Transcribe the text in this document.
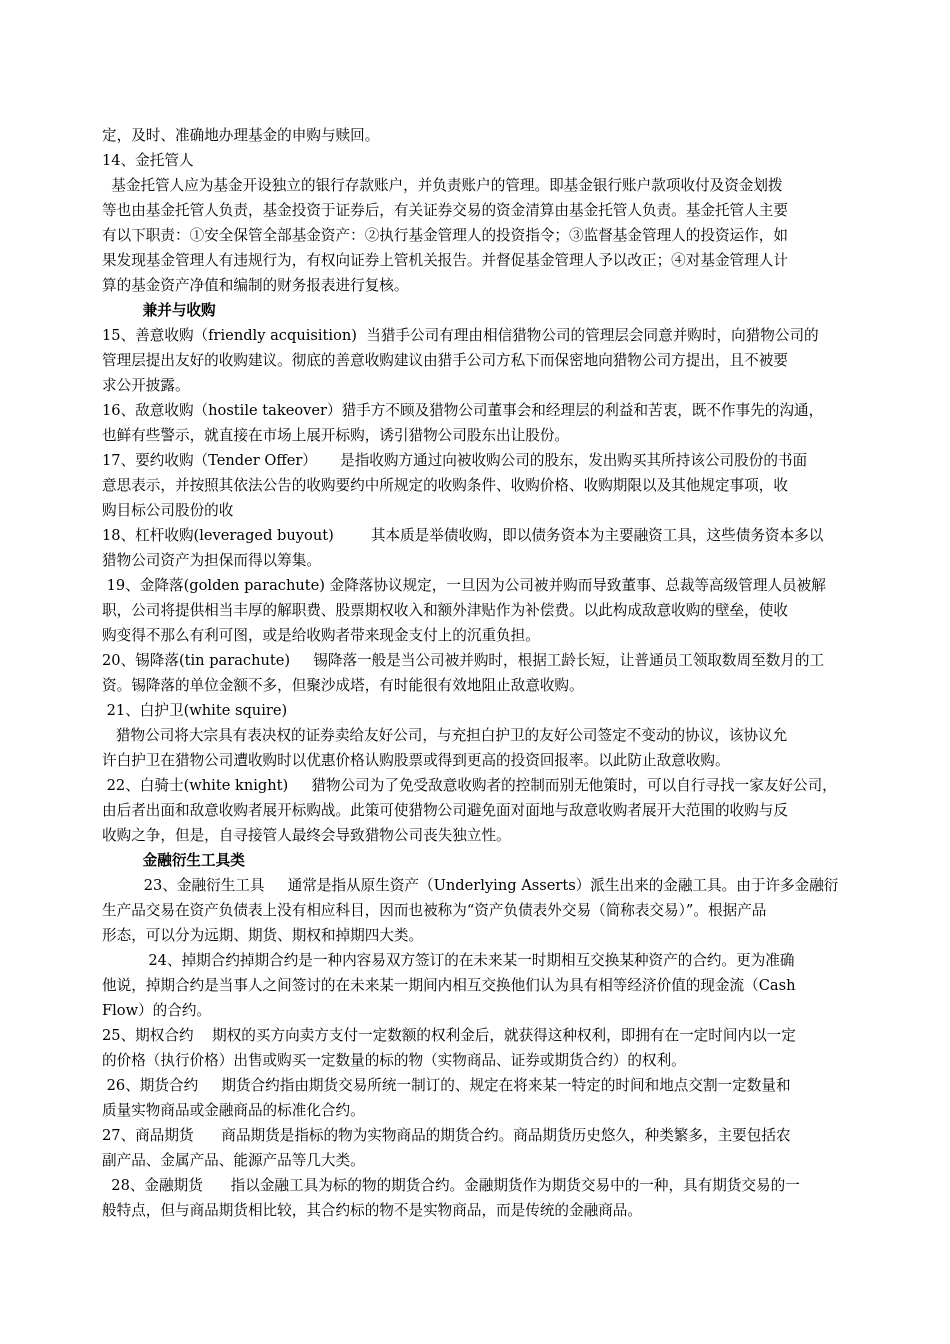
定，及时、准确地办理基金的申购与赎回。
14、金托管人
基金托管人应为基金开设独立的银行存款账户，并负责账户的管理。即基金银行账户款项收付及资金划拨
等也由基金托管人负责，基金投资于证券后，有关证券交易的资金清算由基金托管人负责。基金托管人主要
有以下职责：①安全保管全部基金资产：②执行基金管理人的投资指令；③监督基金管理人的投资运作，如
果发现基金管理人有违规行为，有权向证券上管机关报告。并督促基金管理人予以改正；④对基金管理人计
算的基金资产净值和编制的财务报表进行复核。
兼并与收购
15、善意收购（friendly acquisition)  当猎手公司有理由相信猎物公司的管理层会同意并购时，向猎物公司的
管理层提出友好的收购建议。彻底的善意收购建议由猎手公司方私下而保密地向猎物公司方提出，且不被要
求公开披露。
16、敌意收购（hostile takeover）猎手方不顾及猎物公司董事会和经理层的利益和苦衷，既不作事先的沟通，
也鲜有些警示，就直接在市场上展开标购，诱引猎物公司股东出让股份。
17、要约收购（Tender Offer）     是指收购方通过向被收购公司的股东，发出购买其所持该公司股份的书面
意思表示，并按照其依法公告的收购要约中所规定的收购条件、收购价格、收购期限以及其他规定事项，收
购目标公司股份的收
18、杠杆收购(leveraged buyout)        其本质是举债收购，即以债务资本为主要融资工具，这些债务资本多以
猎物公司资产为担保而得以筹集。
19、金降落(golden parachute) 金降落协议规定，一旦因为公司被并购而导致董事、总裁等高级管理人员被解
职，公司将提供相当丰厚的解职费、股票期权收入和额外津贴作为补偿费。以此构成敌意收购的壁垒，使收
购变得不那么有利可图，或是给收购者带来现金支付上的沉重负担。
20、锡降落(tin parachute)     锡降落一般是当公司被并购时，根据工龄长短，让普通员工领取数周至数月的工
资。锡降落的单位金额不多，但聚沙成塔，有时能很有效地阻止敌意收购。
21、白护卫(white squire)
猎物公司将大宗具有表决权的证券卖给友好公司，与充担白护卫的友好公司签定不变动的协议，该协议允
许白护卫在猎物公司遭收购时以优惠价格认购股票或得到更高的投资回报率。以此防止敌意收购。
22、白骑士(white knight)     猎物公司为了免受敌意收购者的控制而别无他策时，可以自行寻找一家友好公司，
由后者出面和敌意收购者展开标购战。此策可使猎物公司避免面对面地与敌意收购者展开大范围的收购与反
收购之争，但是，自寻接管人最终会导致猎物公司丧失独立性。
金融衍生工具类
23、金融衍生工具     通常是指从原生资产（Underlying Asserts）派生出来的金融工具。由于许多金融衍
生产品交易在资产负债表上没有相应科目，因而也被称为“资产负债表外交易（简称表交易）”。根据产品
形态，可以分为远期、期货、期权和掉期四大类。
24、掉期合约掉期合约是一种内容易双方签订的在未来某一时期相互交换某种资产的合约。更为准确
他说，掉期合约是当事人之间签讨的在未来某一期间内相互交换他们认为具有相等经济价值的现金流（Cash
Flow）的合约。
25、期权合约    期权的买方向卖方支付一定数额的权利金后，就获得这种权利，即拥有在一定时间内以一定
的价格（执行价格）出售或购买一定数量的标的物（实物商品、证券或期货合约）的权利。
26、期货合约     期货合约指由期货交易所统一制订的、规定在将来某一特定的时间和地点交割一定数量和
质量实物商品或金融商品的标准化合约。
27、商品期货      商品期货是指标的物为实物商品的期货合约。商品期货历史悠久，种类繁多，主要包括农
副产品、金属产品、能源产品等几大类。
28、金融期货      指以金融工具为标的物的期货合约。金融期货作为期货交易中的一种，具有期货交易的一
般特点，但与商品期货相比较，其合约标的物不是实物商品，而是传统的金融商品。
